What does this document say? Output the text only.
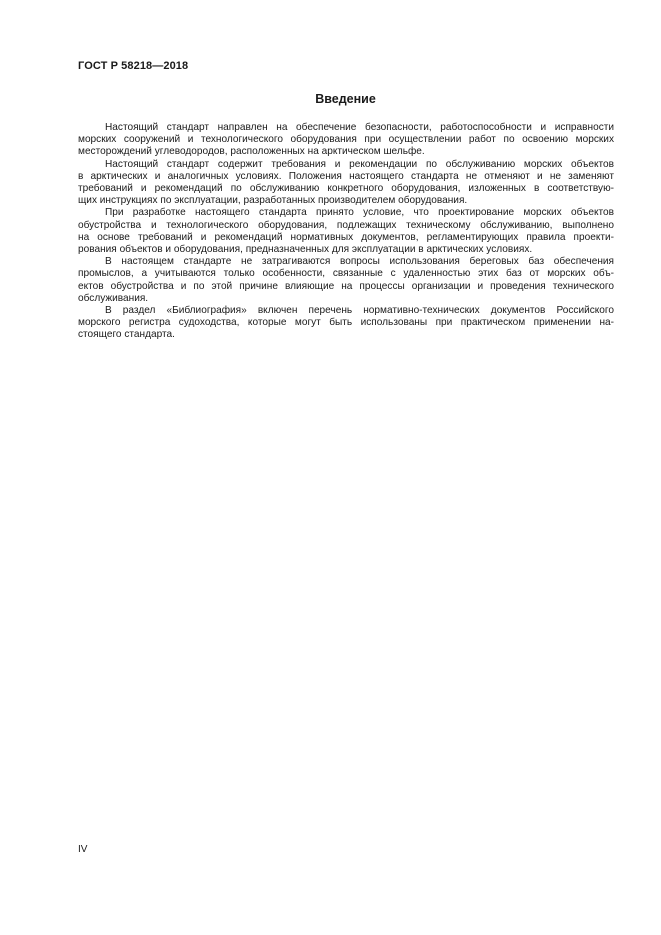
ГОСТ Р 58218—2018
Введение
Настоящий стандарт направлен на обеспечение безопасности, работоспособности и исправности
морских сооружений и технологического оборудования при осуществлении работ по освоению морских
месторождений углеводородов, расположенных на арктическом шельфе.
Настоящий стандарт содержит требования и рекомендации по обслуживанию морских объектов
в арктических и аналогичных условиях. Положения настоящего стандарта не отменяют и не заменяют
требований и рекомендаций по обслуживанию конкретного оборудования, изложенных в соответствую-
щих инструкциях по эксплуатации, разработанных производителем оборудования.
При разработке настоящего стандарта принято условие, что проектирование морских объектов
обустройства и технологического оборудования, подлежащих техническому обслуживанию, выполнено
на основе требований и рекомендаций нормативных документов, регламентирующих правила проекти-
рования объектов и оборудования, предназначенных для эксплуатации в арктических условиях.
В настоящем стандарте не затрагиваются вопросы использования береговых баз обеспечения
промыслов, а учитываются только особенности, связанные с удаленностью этих баз от морских объ-
ектов обустройства и по этой причине влияющие на процессы организации и проведения технического
обслуживания.
В раздел «Библиография» включен перечень нормативно-технических документов Российского
морского регистра судоходства, которые могут быть использованы при практическом применении на-
стоящего стандарта.
IV
